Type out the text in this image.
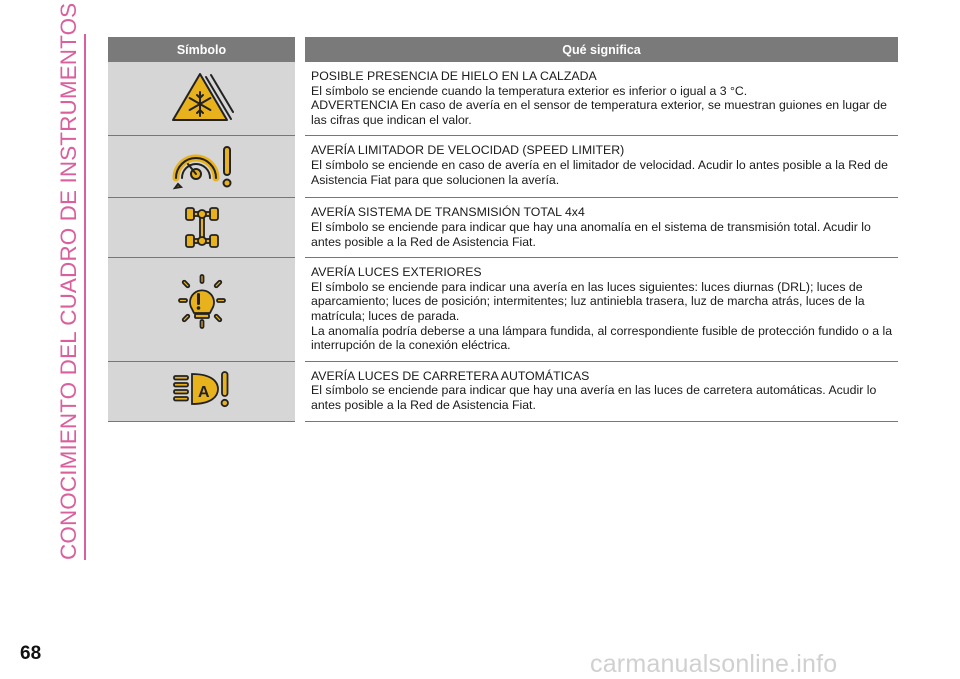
CONOCIMIENTO DEL CUADRO DE INSTRUMENTOS	Símbolo	Qué significa

POSIBLE PRESENCIA DE HIELO EN LA CALZADA
El símbolo se enciende cuando la temperatura exterior es inferior o igual a 3 °C.
ADVERTENCIA En caso de avería en el sensor de temperatura exterior, se muestran guiones en lugar de las cifras que indican el valor.

AVERÍA LIMITADOR DE VELOCIDAD (SPEED LIMITER)
El símbolo se enciende en caso de avería en el limitador de velocidad. Acudir lo antes posible a la Red de Asistencia Fiat para que solucionen la avería.

AVERÍA SISTEMA DE TRANSMISIÓN TOTAL 4x4
El símbolo se enciende para indicar que hay una anomalía en el sistema de transmisión total. Acudir lo antes posible a la Red de Asistencia Fiat.

AVERÍA LUCES EXTERIORES
El símbolo se enciende para indicar una avería en las luces siguientes: luces diurnas (DRL); luces de aparcamiento; luces de posición; intermitentes; luz antiniebla trasera, luz de marcha atrás, luces de la matrícula; luces de parada.
La anomalía podría deberse a una lámpara fundida, al correspondiente fusible de protección fundido o a la interrupción de la conexión eléctrica.

A	AVERÍA LUCES DE CARRETERA AUTOMÁTICAS
El símbolo se enciende para indicar que hay una avería en las luces de carretera automáticas. Acudir lo antes posible a la Red de Asistencia Fiat.
68	carmanualsonline.info
